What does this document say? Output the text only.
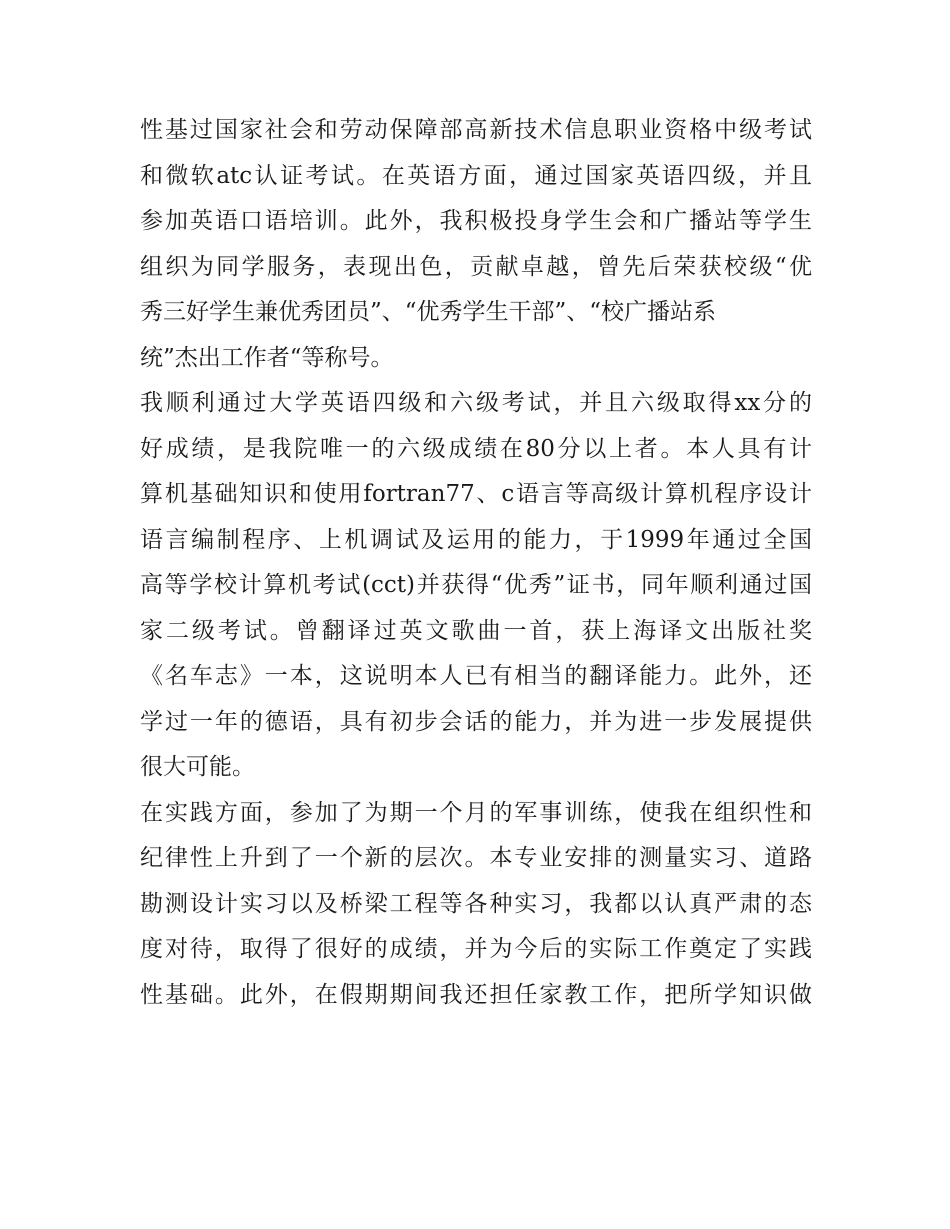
性基过国家社会和劳动保障部高新技术信息职业资格中级考试
和微软atc认证考试。在英语方面，通过国家英语四级，并且
参加英语口语培训。此外，我积极投身学生会和广播站等学生
组织为同学服务，表现出色，贡献卓越，曾先后荣获校级“优
秀三好学生兼优秀团员”、“优秀学生干部”、“校广播站系
统”杰出工作者“等称号。
我顺利通过大学英语四级和六级考试，并且六级取得xx分的
好成绩，是我院唯一的六级成绩在80分以上者。本人具有计
算机基础知识和使用fortran77、c语言等高级计算机程序设计
语言编制程序、上机调试及运用的能力，于1999年通过全国
高等学校计算机考试(cct)并获得“优秀”证书，同年顺利通过国
家二级考试。曾翻译过英文歌曲一首，获上海译文出版社奖
《名车志》一本，这说明本人已有相当的翻译能力。此外，还
学过一年的德语，具有初步会话的能力，并为进一步发展提供
很大可能。
在实践方面，参加了为期一个月的军事训练，使我在组织性和
纪律性上升到了一个新的层次。本专业安排的测量实习、道路
勘测设计实习以及桥梁工程等各种实习，我都以认真严肃的态
度对待，取得了很好的成绩，并为今后的实际工作奠定了实践
性基础。此外，在假期期间我还担任家教工作，把所学知识做
